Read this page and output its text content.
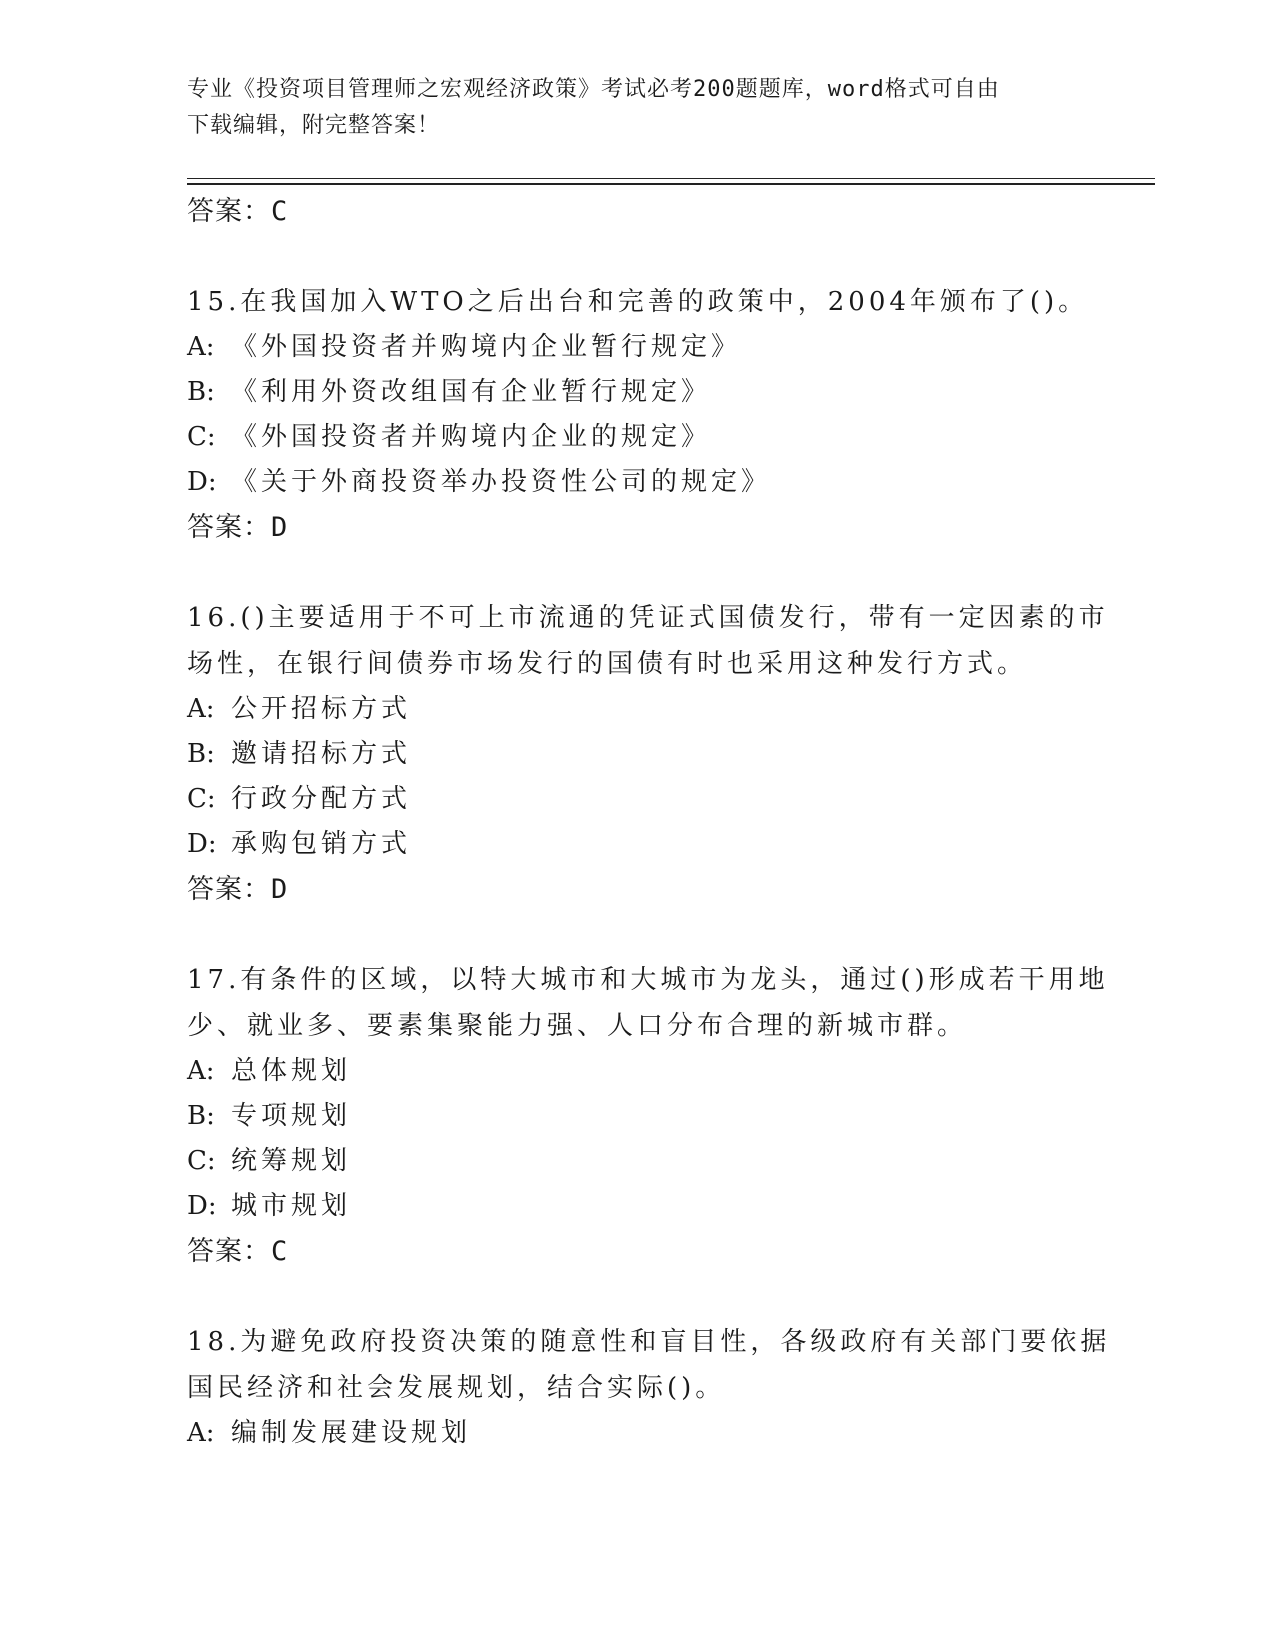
专业《投资项目管理师之宏观经济政策》考试必考200题题库，word格式可自由
下载编辑，附完整答案！
答案：C
15.在我国加入WTO之后出台和完善的政策中，2004年颁布了()。
A: 《外国投资者并购境内企业暂行规定》
B: 《利用外资改组国有企业暂行规定》
C: 《外国投资者并购境内企业的规定》
D: 《关于外商投资举办投资性公司的规定》
答案：D
16.()主要适用于不可上市流通的凭证式国债发行，带有一定因素的市
场性，在银行间债券市场发行的国债有时也采用这种发行方式。
A: 公开招标方式
B: 邀请招标方式
C: 行政分配方式
D: 承购包销方式
答案：D
17.有条件的区域，以特大城市和大城市为龙头，通过()形成若干用地
少、就业多、要素集聚能力强、人口分布合理的新城市群。
A: 总体规划
B: 专项规划
C: 统筹规划
D: 城市规划
答案：C
18.为避免政府投资决策的随意性和盲目性，各级政府有关部门要依据
国民经济和社会发展规划，结合实际()。
A: 编制发展建设规划
